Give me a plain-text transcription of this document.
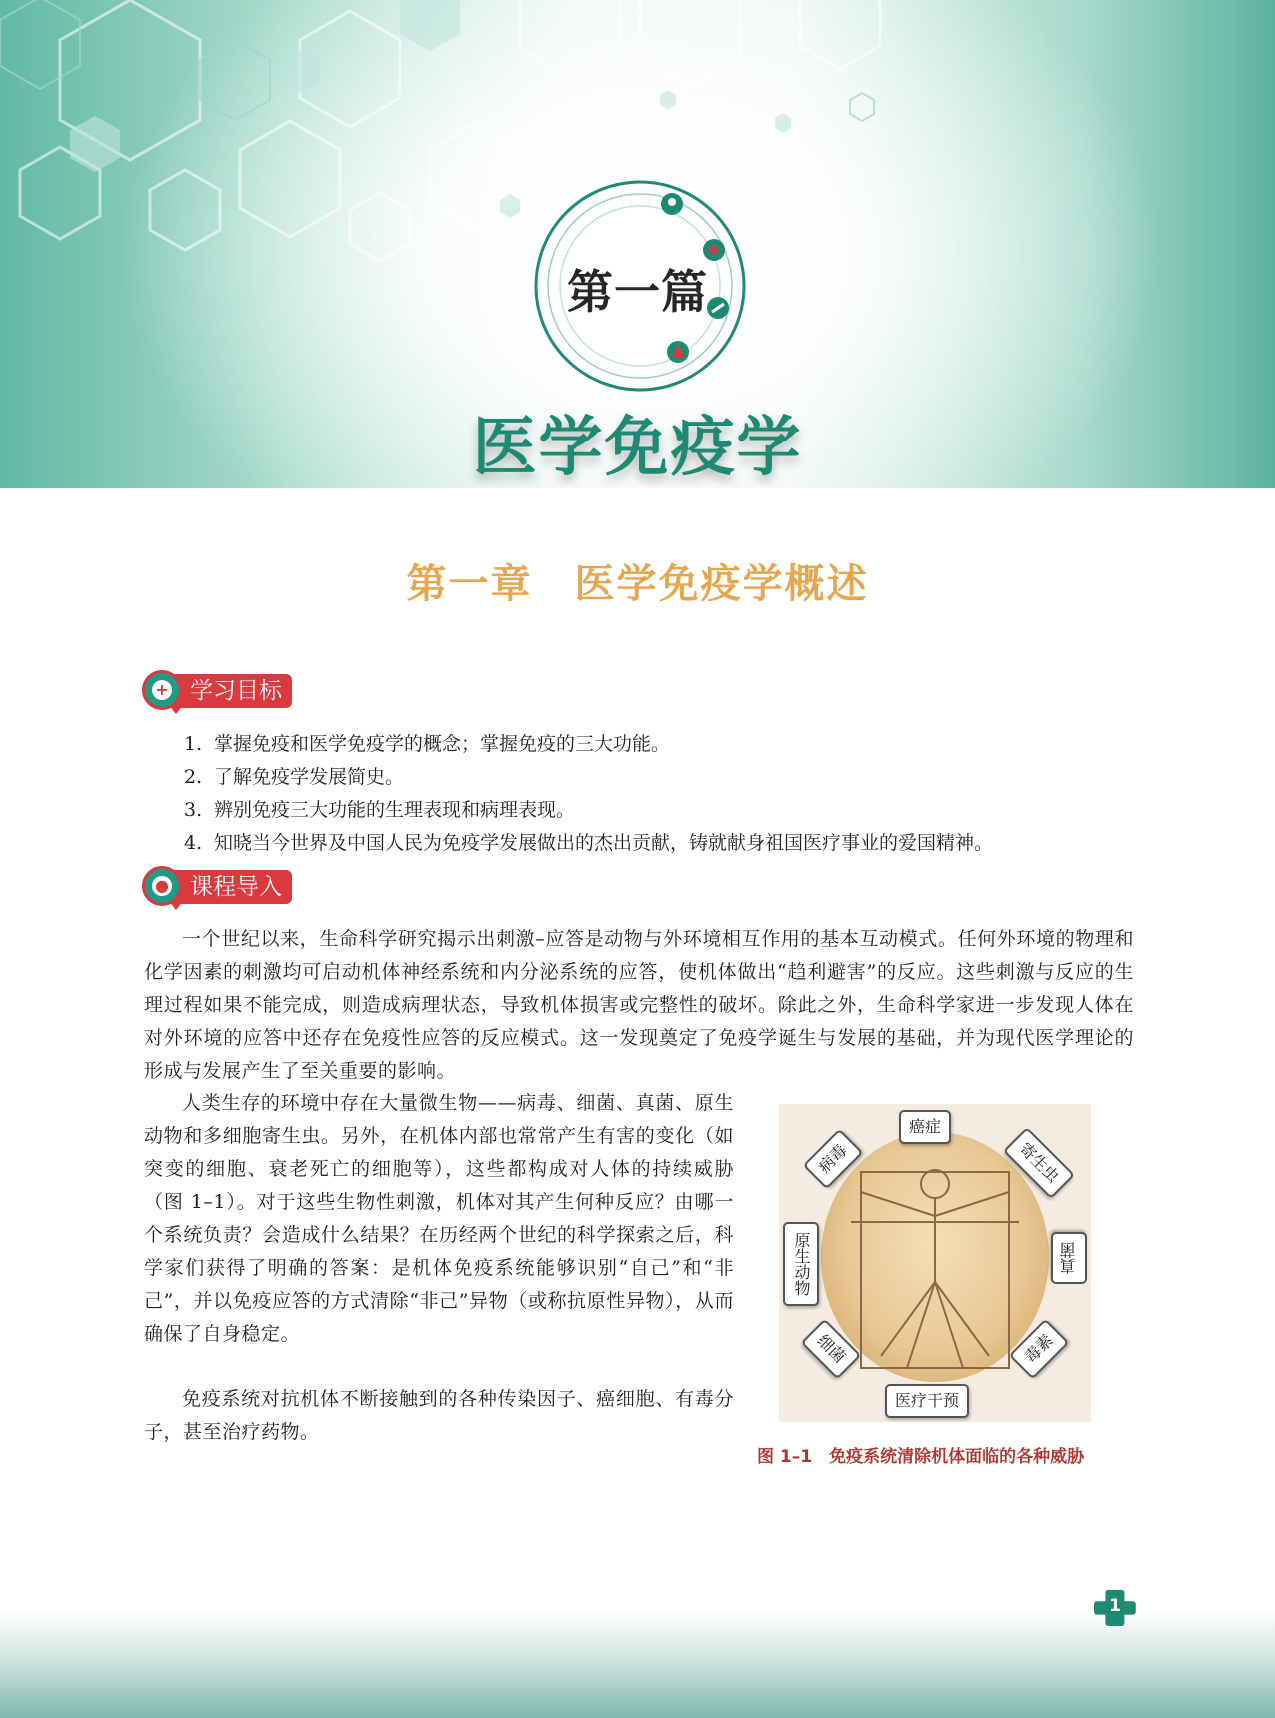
第一篇
医学免疫学
第一章　医学免疫学概述
+ 学习目标
1. 掌握免疫和医学免疫学的概念；掌握免疫的三大功能。
2. 了解免疫学发展简史。
3. 辨别免疫三大功能的生理表现和病理表现。
4. 知晓当今世界及中国人民为免疫学发展做出的杰出贡献，铸就献身祖国医疗事业的爱国精神。
● 课程导入

一个世纪以来，生命科学研究揭示出刺激–应答是动物与外环境相互作用的基本互动模式。任何外环境的物理和化学因素的刺激均可启动机体神经系统和内分泌系统的应答，使机体做出“趋利避害”的反应。这些刺激与反应的生理过程如果不能完成，则造成病理状态，导致机体损害或完整性的破坏。除此之外，生命科学家进一步发现人体在对外环境的应答中还存在免疫性应答的反应模式。这一发现奠定了免疫学诞生与发展的基础，并为现代医学理论的形成与发展产生了至关重要的影响。

人类生存的环境中存在大量微生物——病毒、细菌、真菌、原生动物和多细胞寄生虫。另外，在机体内部也常常产生有害的变化（如突变的细胞、衰老死亡的细胞等），这些都构成对人体的持续威胁（图 1–1）。对于这些生物性刺激，机体对其产生何种反应？由哪一个系统负责？会造成什么结果？在历经两个世纪的科学探索之后，科学家们获得了明确的答案：是机体免疫系统能够识别“自己”和“非己”，并以免疫应答的方式清除“非己”异物（或称抗原性异物），从而确保了自身稳定。

免疫系统对抗机体不断接触到的各种传染因子、癌细胞、有毒分子，甚至治疗药物。

癌症
病毒	寄生虫
原生动物	真菌
细菌	毒素
医疗干预
图 1–1　免疫系统清除机体面临的各种威胁
1
